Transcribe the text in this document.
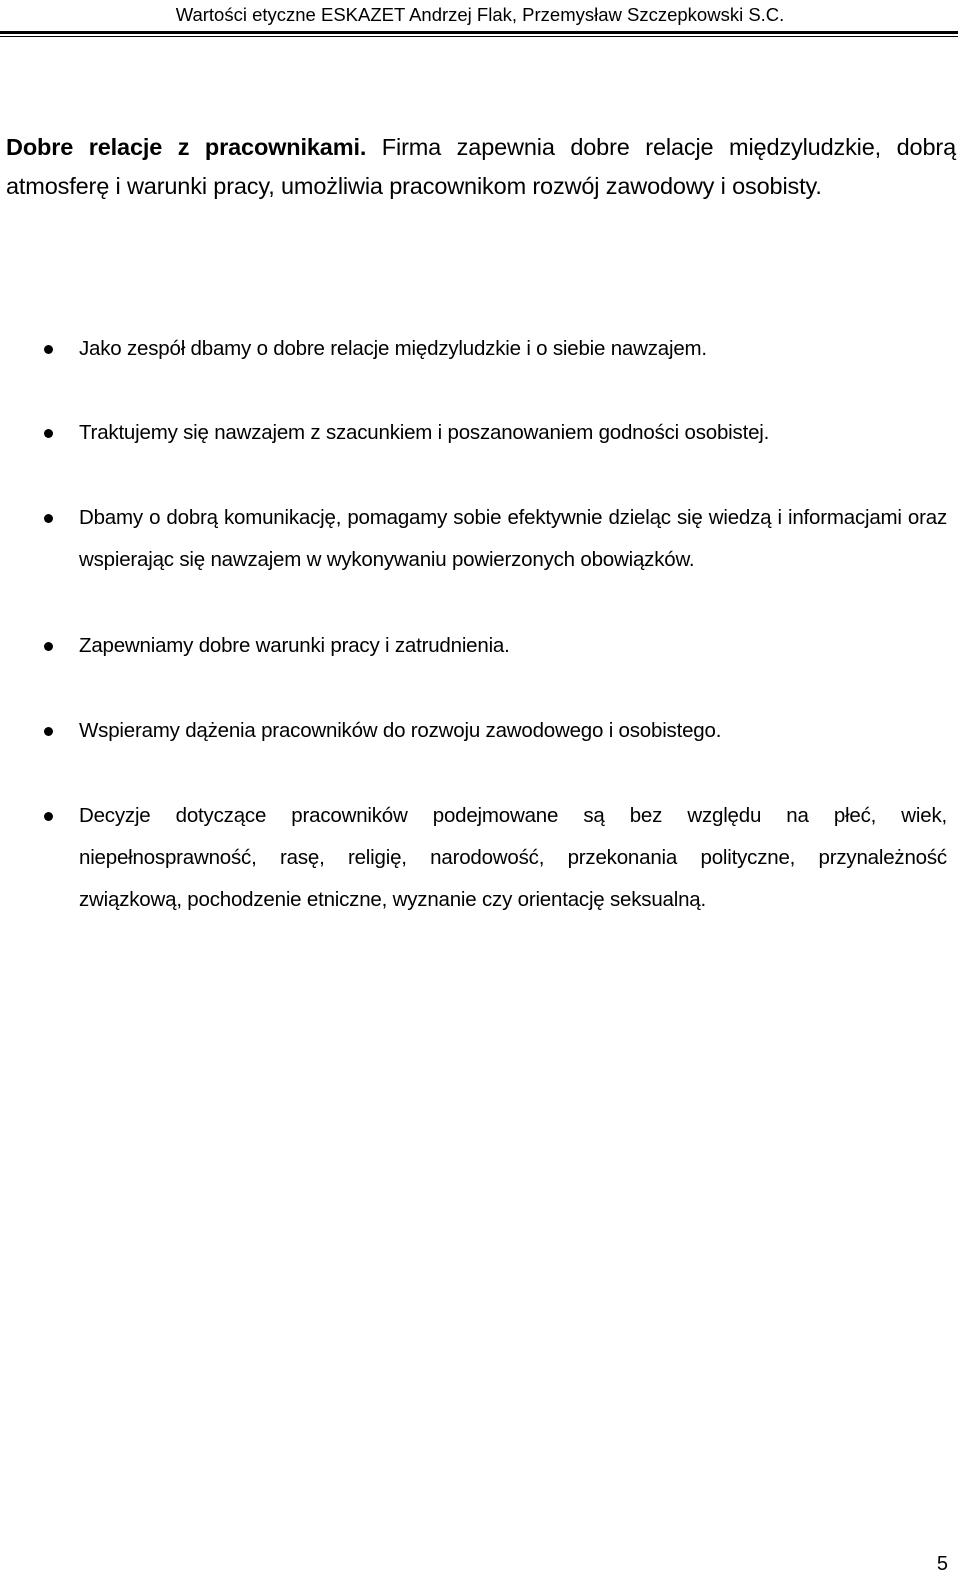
Wartości etyczne ESKAZET Andrzej Flak, Przemysław Szczepkowski S.C.

Dobre relacje z pracownikami. Firma zapewnia dobre relacje międzyludzkie, dobrą atmosferę i warunki pracy, umożliwia pracownikom rozwój zawodowy i osobisty.

Jako zespół dbamy o dobre relacje międzyludzkie i o siebie nawzajem.
Traktujemy się nawzajem z szacunkiem i poszanowaniem godności osobistej.
Dbamy o dobrą komunikację, pomagamy sobie efektywnie dzieląc się wiedzą i informacjami oraz wspierając się nawzajem w wykonywaniu powierzonych obowiązków.
Zapewniamy dobre warunki pracy i zatrudnienia.
Wspieramy dążenia pracowników do rozwoju zawodowego i osobistego.
Decyzje dotyczące pracowników podejmowane są bez względu na płeć, wiek, niepełnosprawność, rasę, religię, narodowość, przekonania polityczne, przynależność związkową, pochodzenie etniczne, wyznanie czy orientację seksualną.
5
